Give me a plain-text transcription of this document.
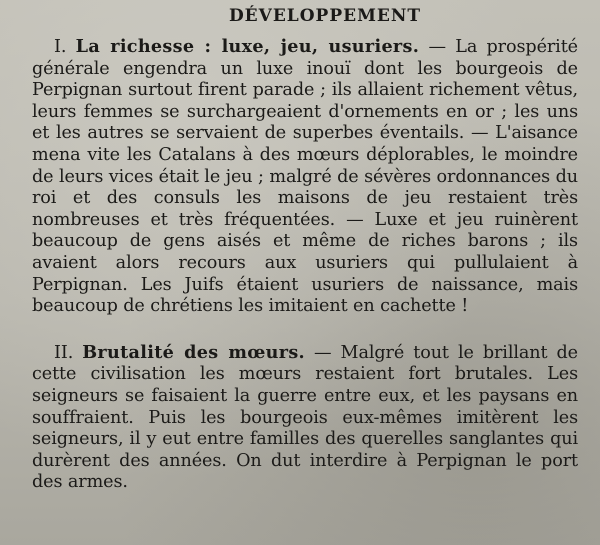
DÉVELOPPEMENT

I. La richesse : luxe, jeu, usuriers. — La prospérité générale engendra un luxe inouï dont les bourgeois de Perpignan surtout firent parade ; ils allaient richement vêtus, leurs femmes se surchargeaient d'ornements en or ; les uns et les autres se servaient de superbes éventails. — L'aisance mena vite les Catalans à des mœurs déplorables, le moindre de leurs vices était le jeu ; malgré de sévères ordonnances du roi et des consuls les maisons de jeu restaient très nombreuses et très fréquentées. — Luxe et jeu ruinèrent beaucoup de gens aisés et même de riches barons ; ils avaient alors recours aux usuriers qui pullulaient à Perpignan. Les Juifs étaient usuriers de naissance, mais beaucoup de chrétiens les imitaient en cachette !

II. Brutalité des mœurs. — Malgré tout le brillant de cette civilisation les mœurs restaient fort brutales. Les seigneurs se faisaient la guerre entre eux, et les paysans en souffraient. Puis les bourgeois eux-mêmes imitèrent les seigneurs, il y eut entre familles des querelles sanglantes qui durèrent des années. On dut interdire à Perpignan le port des armes.
